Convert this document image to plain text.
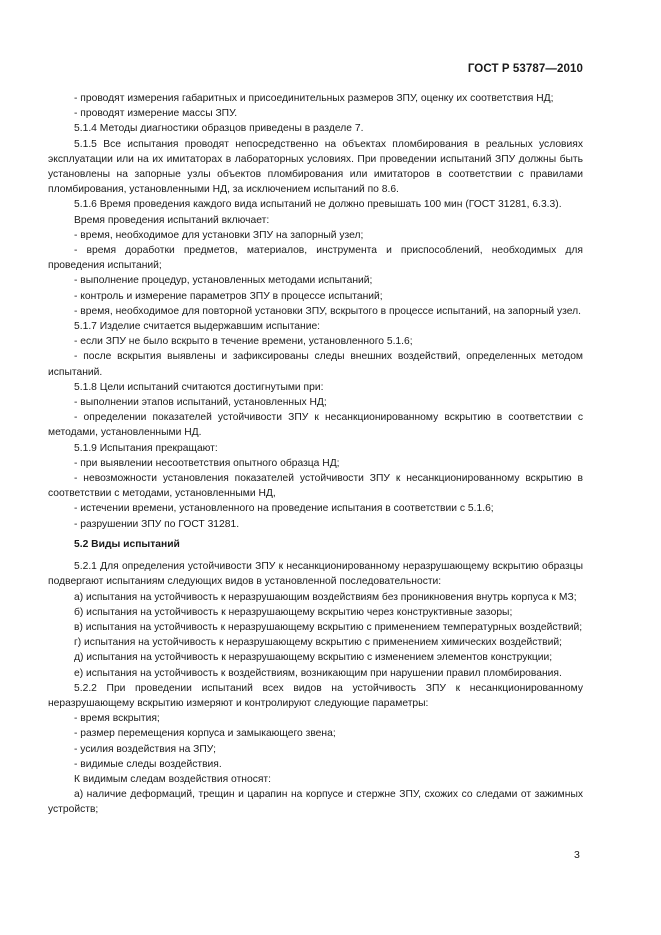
ГОСТ Р 53787—2010

- проводят измерения габаритных и присоединительных размеров ЗПУ, оценку их соответствия НД;

- проводят измерение массы ЗПУ.

5.1.4 Методы диагностики образцов приведены в разделе 7.

5.1.5 Все испытания проводят непосредственно на объектах пломбирования в реальных условиях эксплуатации или на их имитаторах в лабораторных условиях. При проведении испытаний ЗПУ должны быть установлены на запорные узлы объектов пломбирования или имитаторов в соответствии с правилами пломбирования, установленными НД, за исключением испытаний по 8.6.

5.1.6 Время проведения каждого вида испытаний не должно превышать 100 мин (ГОСТ 31281, 6.3.3).

Время проведения испытаний включает:

- время, необходимое для установки ЗПУ на запорный узел;

- время доработки предметов, материалов, инструмента и приспособлений, необходимых для проведения испытаний;

- выполнение процедур, установленных методами испытаний;

- контроль и измерение параметров ЗПУ в процессе испытаний;

- время, необходимое для повторной установки ЗПУ, вскрытого в процессе испытаний, на запорный узел.

5.1.7 Изделие считается выдержавшим испытание:

- если ЗПУ не было вскрыто в течение времени, установленного 5.1.6;

- после вскрытия выявлены и зафиксированы следы внешних воздействий, определенных методом испытаний.

5.1.8 Цели испытаний считаются достигнутыми при:

- выполнении этапов испытаний, установленных НД;

- определении показателей устойчивости ЗПУ к несанкционированному вскрытию в соответствии с методами, установленными НД.

5.1.9 Испытания прекращают:

- при выявлении несоответствия опытного образца НД;

- невозможности установления показателей устойчивости ЗПУ к несанкционированному вскрытию в соответствии с методами, установленными НД,

- истечении времени, установленного на проведение испытания в соответствии с 5.1.6;

- разрушении ЗПУ по ГОСТ 31281.

5.2 Виды испытаний

5.2.1 Для определения устойчивости ЗПУ к несанкционированному неразрушающему вскрытию образцы подвергают испытаниям следующих видов в установленной последовательности:

а) испытания на устойчивость к неразрушающим воздействиям без проникновения внутрь корпуса к МЗ;

б) испытания на устойчивость к неразрушающему вскрытию через конструктивные зазоры;

в) испытания на устойчивость к неразрушающему вскрытию с применением температурных воздействий;

г) испытания на устойчивость к неразрушающему вскрытию с применением химических воздействий;

д) испытания на устойчивость к неразрушающему вскрытию с изменением элементов конструкции;

е) испытания на устойчивость к воздействиям, возникающим при нарушении правил пломбирования.

5.2.2 При проведении испытаний всех видов на устойчивость ЗПУ к несанкционированному неразрушающему вскрытию измеряют и контролируют следующие параметры:

- время вскрытия;

- размер перемещения корпуса и замыкающего звена;

- усилия воздействия на ЗПУ;

- видимые следы воздействия.

К видимым следам воздействия относят:

а) наличие деформаций, трещин и царапин на корпусе и стержне ЗПУ, схожих со следами от зажимных устройств;

3
